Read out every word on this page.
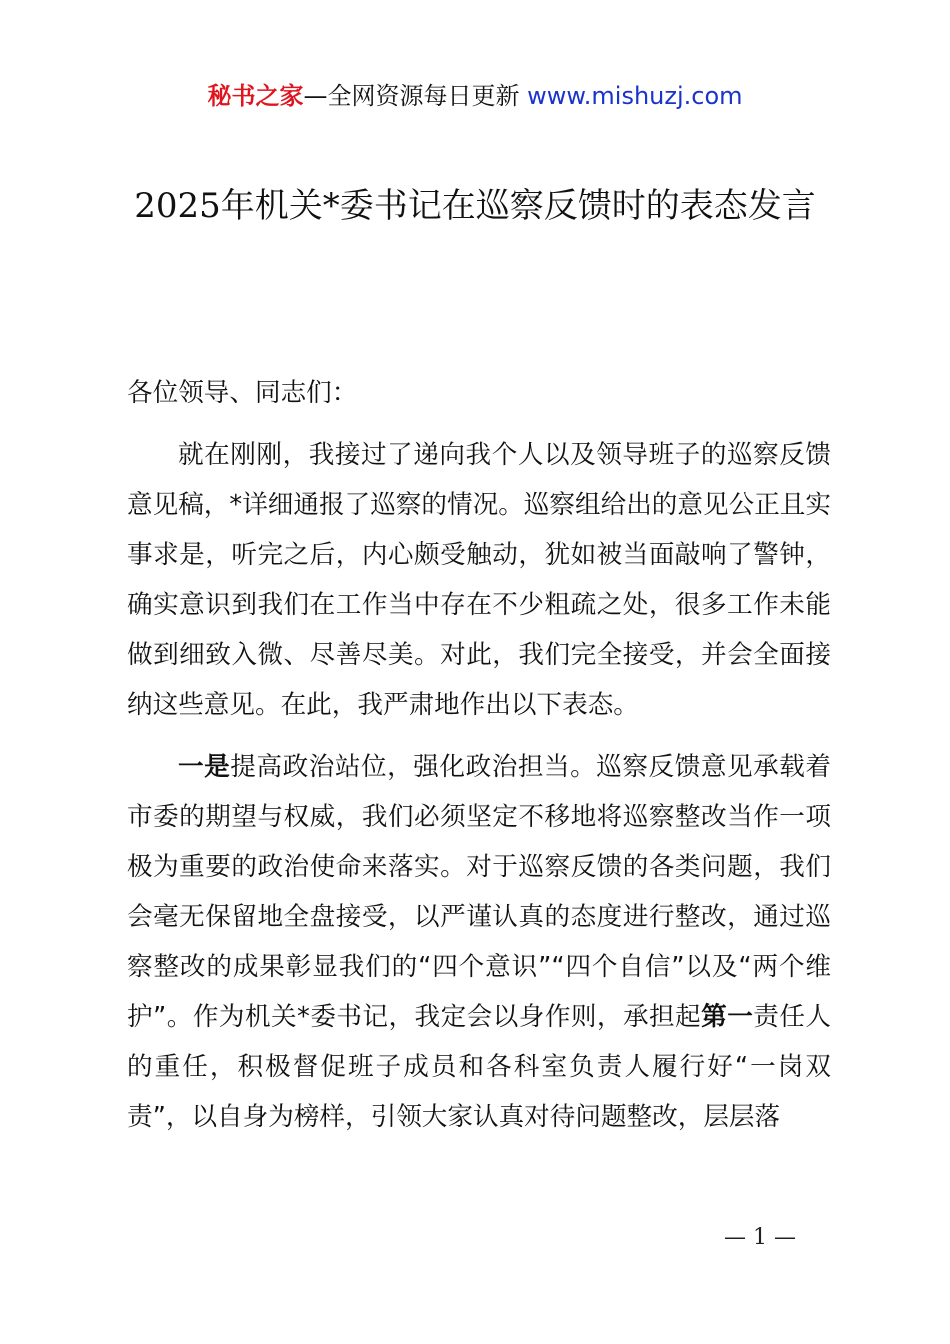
秘书之家—全网资源每日更新 www.mishuzj.com
2025年机关*委书记在巡察反馈时的表态发言

各位领导、同志们：

就在刚刚，我接过了递向我个人以及领导班子的巡察反馈意见稿，*详细通报了巡察的情况。巡察组给出的意见公正且实事求是，听完之后，内心颇受触动，犹如被当面敲响了警钟，确实意识到我们在工作当中存在不少粗疏之处，很多工作未能做到细致入微、尽善尽美。对此，我们完全接受，并会全面接纳这些意见。在此，我严肃地作出以下表态。

一是提高政治站位，强化政治担当。巡察反馈意见承载着市委的期望与权威，我们必须坚定不移地将巡察整改当作一项极为重要的政治使命来落实。对于巡察反馈的各类问题，我们会毫无保留地全盘接受，以严谨认真的态度进行整改，通过巡察整改的成果彰显我们的“四个意识”“四个自信”以及“两个维护”。作为机关*委书记，我定会以身作则，承担起第一责任人的重任，积极督促班子成员和各科室负责人履行好“一岗双责”，以自身为榜样，引领大家认真对待问题整改，层层落

— 1 —
